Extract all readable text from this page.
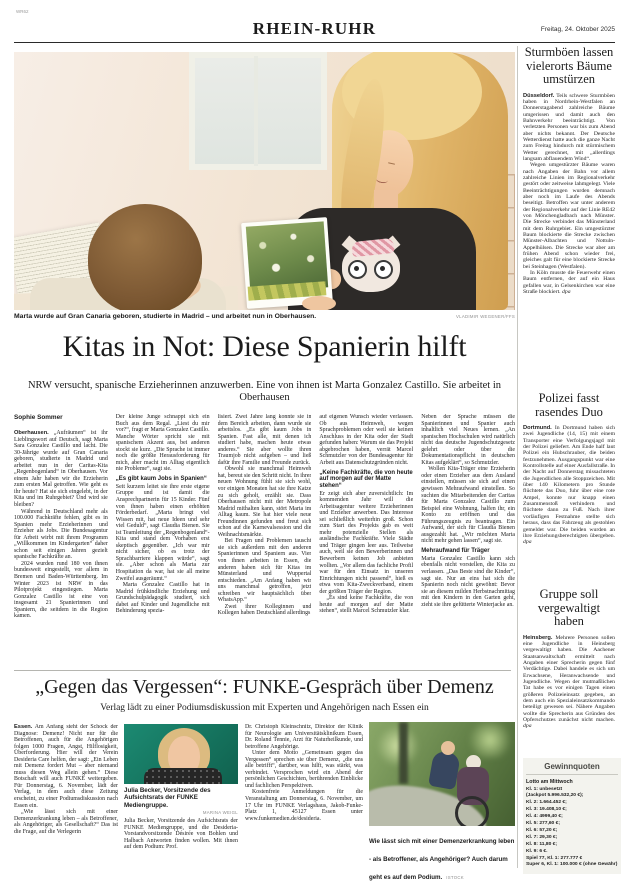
WR62
RHEIN-RUHR	Freitag, 24. Oktober 2025
Marta wurde auf Gran Canaria geboren, studierte in Madrid – und arbeitet nun in Oberhausen.	VLADIMIR WEGENER/FFS
Kitas in Not: Diese Spanierin hilft
NRW versucht, spanische Erzieherinnen anzuwerben. Eine von ihnen ist Marta Gonzalez Castillo. Sie arbeitet in Oberhausen
Sophie Sommer

Oberhausen. „Aufräumen“ ist ihr Lieblingswort auf Deutsch, sagt Marta Sara Gonzalez Castillo und lacht. Die 30-Jährige wurde auf Gran Canaria geboren, studierte in Madrid und arbeitet nun in der Caritas-Kita „Regenbogenland“ in Oberhausen. Vor einem Jahr haben wir die Erzieherin zum ersten Mal getroffen. Wie geht es ihr heute? Hat sie sich eingelebt, in der Kita und im Ruhrgebiet? Und wird sie bleiben?

Während in Deutschland mehr als 100.000 Fachkräfte fehlen, gibt es in Spanien mehr Erzieherinnen und Erzieher als Jobs. Die Bundesagentur für Arbeit wirbt mit ihrem Programm „Willkommen im Kindergarten“ daher schon seit einigen Jahren gezielt spanische Fachkräfte an.

2024 wurden rund 180 von ihnen bundesweit eingestellt, vor allem in Bremen und Baden-Württemberg. Im Winter 2023 ist NRW in das Pilotprojekt eingestiegen. Marta Gonzalez Castillo ist eine von insgesamt 21 Spanierinnen und Spaniern, die seitdem in die Region kamen.

Der kleine Junge schnappt sich ein Buch aus dem Regal. „Liest du mir vor?“, fragt er Marta Gonzalez Castillo. Manche Wörter spricht sie mit spanischem Akzent aus, bei anderen stockt sie kurz. „Die Sprache ist immer noch die größte Herausforderung für mich, aber macht im Alltag eigentlich nie Probleme“, sagt sie.

„Es gibt kaum Jobs in Spanien“

Seit kurzem leitet sie ihre erste eigene Gruppe und ist damit die Ansprechpartnerin für 15 Kinder. Fünf von ihnen haben einen erhöhten Förderbedarf. „Marta bringt viel Wissen mit, hat neue Ideen und sehr viel Geduld“, sagt Claudia Bienen. Sie ist Teamleitung der „Regenbogenland“-Kita und stand dem Vorhaben erst skeptisch gegenüber. „Ich war mir nicht sicher, ob es trotz der Sprachbarriere klappen würde“, sagt sie. „Aber schon als Marta zur Hospitation da war, hat sie all meine Zweifel ausgeräumt.“

Marta Gonzalez Castillo hat in Madrid frühkindliche Erziehung und Grundschulpädagogik studiert, sich dabei auf Kinder und Jugendliche mit Behinderung spezia-

lisiert. Zwei Jahre lang konnte sie in dem Bereich arbeiten, dann wurde sie arbeitslos. „Es gibt kaum Jobs in Spanien. Fast alle, mit denen ich studiert habe, machen heute etwas anderes.“ Sie aber wollte ihren Traumjob nicht aufgeben – und ließ dafür ihre Familie und Freunde zurück.

Obwohl sie manchmal Heimweh hat, bereut sie den Schritt nicht. In ihrer neuen Wohnung fühlt sie sich wohl, vor einigen Monaten hat sie ihre Katze zu sich geholt, erzählt sie. Dass Oberhausen nicht mit der Metropole Madrid mithalten kann, stört Marta im Alltag kaum. Sie hat hier viele neue Freundinnen gefunden und freut sich schon auf die Karnevalsession und die Weihnachtsmärkte.

Bei Fragen und Problemen tauscht sie sich außerdem mit den anderen Spanierinnen und Spaniern aus. Vier von ihnen arbeiten in Essen, die anderen haben sich für Kitas im Münsterland und Wuppertal entschieden. „Am Anfang haben wir uns manchmal getroffen, jetzt schreiben wir hauptsächlich über WhatsApp.“

Zwei ihrer Kolleginnen und Kollegen haben Deutschland allerdings

auf eigenen Wunsch wieder verlassen. Ob aus Heimweh, wegen Sprachproblemen oder weil sie keinen Anschluss in der Kita oder der Stadt gefunden haben: Warum sie das Projekt abgebrochen haben, verrät Marcel Schmutzler von der Bundesagentur für Arbeit aus Datenschutzgründen nicht.

„Keine Fachkräfte, die von heute auf morgen auf der Matte stehen“

Er zeigt sich aber zuversichtlich: Im kommenden Jahr will die Arbeitsagentur weitere Erzieherinnen und Erzieher anwerben. Das Interesse sei schließlich weiterhin groß. Schon zum Start des Projekts gab es weit mehr potenzielle Stellen als ausländische Fachkräfte. Viele Städte und Träger gingen leer aus. Teilweise auch, weil sie den Bewerberinnen und Bewerbern keinen Job anbieten wollten. „Vor allem das fachliche Profil war für den Einsatz in unseren Einrichtungen nicht passend“, hieß es etwa vom Kita-Zweckverband, einem der größten Träger der Region.

„Es sind keine Fachkräfte, die von heute auf morgen auf der Matte stehen“, stellt Marcel Schmutzler klar.

Neben der Sprache müssen die Spanierinnen und Spanier auch inhaltlich viel Neues lernen. „An spanischen Hochschulen wird natürlich nicht das deutsche Jugendschutzgesetz gelehrt oder über die Dokumentationspflicht in deutschen Kitas aufgeklärt“, so Schmutzler.

Wollen Kita-Träger eine Erzieherin oder einen Erzieher aus dem Ausland einstellen, müssen sie sich auf einen gewissen Mehraufwand einstellen. So suchten die Mitarbeitenden der Caritas für Marta Gonzalez Castillo zum Beispiel eine Wohnung, halfen ihr, ein Konto zu eröffnen und das Führungszeugnis zu beantragen. Ein Aufwand, der sich für Claudia Bienen ausgezahlt hat. „Wir möchten Marta nicht mehr gehen lassen“, sagt sie.

Mehraufwand für Träger

Marta Gonzalez Castillo kann sich ebenfalls nicht vorstellen, die Kita zu verlassen. „Das Beste sind die Kinder“, sagt sie. Nur an eins hat sich die Spanierin noch nicht gewöhnt: Bevor sie an diesem milden Herbstnachmittag mit den Kindern in den Garten geht, zieht sie ihre gefütterte Winterjacke an.

Sturmböen lassen vielerorts Bäume umstürzen

Düsseldorf. Teils schwere Sturmböen haben in Nordrhein-Westfalen an Donnerstagabend zahlreiche Bäume umgerissen und damit auch den Bahnverkehr beeinträchtigt. Von verletzten Personen war bis zum Abend aber nichts bekannt. Der Deutsche Wetterdienst hatte auch die ganze Nacht zum Freitag hindurch mit stürmischem Wetter gerechnet, mit „allerdings langsam abflauendem Wind“.

Wegen umgestürzter Bäume waren nach Angaben der Bahn vor allem zahlreiche Linien im Regionalverkehr gestört oder zeitweise lahmgelegt. Viele Beeinträchtigungen wurden demnach aber noch im Laufe des Abends beseitigt. Betroffen war unter anderem der Regionalverkehr auf der Linie RE42 von Mönchengladbach nach Münster. Die Strecke verbindet das Münsterland mit dem Ruhrgebiet. Ein umgestürzter Baum blockierte die Strecke zwischen Münster-Albachten und Nottuln-Appelhülsen. Die Strecke war aber am frühen Abend schon wieder frei, gleiches galt für eine blockierte Strecke bei Steinhagen (Westfalen).

In Köln musste die Feuerwehr einen Baum entfernen, der auf ein Haus gefallen war, in Gelsenkirchen war eine Straße blockiert. dpa

Polizei fasst rasendes Duo

Dortmund. In Dortmund haben sich zwei Jugendliche (14, 15) mit einem Transporter eine Verfolgungsjagd mit der Polizei geliefert. Am Ende half laut Polizei ein Hubschrauber, die beiden festzunehmen. Ausgangspunkt war eine Kontrollstelle auf einer Ausfallstraße. In der Nacht auf Donnerstag missachteten die Jugendlichen alle Stoppzeichen. Mit über 140 Kilometern pro Stunde flüchtete das Duo, fuhr über eine rote Ampel, konnte nur knapp einen Zusammenstoß verhindern und flüchtete dann zu Fuß. Nach ihrer vorläufigen Festnahme stellte sich heraus, dass das Fahrzeug als gestohlen gemeldet war. Die beiden wurden an ihre Erziehungsberechtigten übergeben. dpa

Gruppe soll vergewaltigt haben

Heinsberg. Mehrere Personen sollen eine Jugendliche in Heinsberg vergewaltigt haben. Die Aachener Staatsanwaltschaft ermittelt nach Angaben einer Sprecherin gegen fünf Verdächtige. Dabei handele es sich um Erwachsene, Heranwachsende und Jugendliche. Wegen der mutmaßlichen Tat habe es vor einigen Tagen einen größeren Polizeieinsatz gegeben, an dem auch ein Spezialeinsatzkommando beteiligt gewesen sei. Nähere Angaben wollte die Sprecherin aus Gründen des Opferschutzes zunächst nicht machen. dpa

Gewinnquoten
Lotto am Mittwoch
Kl. 1: unbesetzt
(Jackpot 5.996.532,20 €);
Kl. 2: 1.664.452 €;
Kl. 3: 19.408,10 €;
Kl. 4: 4999,40 €;
Kl. 5: 277,60 €;
Kl. 6: 57,20 €;
Kl. 7: 29,30 €;
Kl. 8: 11,80 €;
Kl. 9: 6 €.
Spiel 77, Kl. 1: 277.777 €
Super 6, Kl. 1: 100.000 € (ohne Gewähr)
„Gegen das Vergessen“: FUNKE-Gespräch über Demenz
Verlag lädt zu einer Podiumsdiskussion mit Experten und Angehörigen nach Essen ein

Essen. Am Anfang steht der Schock der Diagnose: Demenz! Nicht nur für die Betroffenen, auch für die Angehörigen folgen 1000 Fragen, Angst, Hilflosigkeit, Überforderung. Hier will der Verein Desideria Care helfen, der sagt: „Ein Leben mit Demenz fordert Mut – aber niemand muss diesen Weg allein gehen.“ Diese Botschaft will auch FUNKE weitergeben. Für Donnerstag, 6. November, lädt der Verlag, in dem auch diese Zeitung erscheint, zu einer Podiumsdiskussion nach Essen ein.

„Wie lässt sich mit einer Demenzerkrankung leben – als Betroffener, als Angehöriger, als Gesellschaft?“ Das ist die Frage, auf die Verlegerin

Julia Becker, Vorsitzende des Aufsichtsrats der FUNKE Mediengruppe.
MARINA WEIGL

Julia Becker, Vorsitzende des Aufsichtsrats der FUNKE Mediengruppe, und die Desideria-Vorstandvorsitzende Désirée von Bohlen und Halbach Antworten finden wollen. Mit ihnen auf dem Podium: Prof.

Dr. Christoph Kleinschnitz, Direktor der Klinik für Neurologie am Universitätsklinikum Essen, Dr. Roland Tennie, Arzt für Naturheilkunde, und betroffene Angehörige.

Unter dem Motto „Gemeinsam gegen das Vergessen“ sprechen sie über Demenz, „die uns alle betrifft“, darüber, was hilft, was stärkt, was verbindet. Versprochen wird ein Abend der persönlichen Geschichten, berührenden Einblicke und fachlichen Perspektiven.

Kostenfreie Anmeldungen für die Veranstaltung am Donnerstag, 6. November, um 17 Uhr im FUNKE Verlagshaus, Jakob-Funke-Platz 1, 45127 Essen unter www.funkemedien.de/desideria.

Wie lässt sich mit einer Demenzerkrankung leben - als Betroffener, als Angehöriger? Auch darum geht es auf dem Podium. ISTOCK
